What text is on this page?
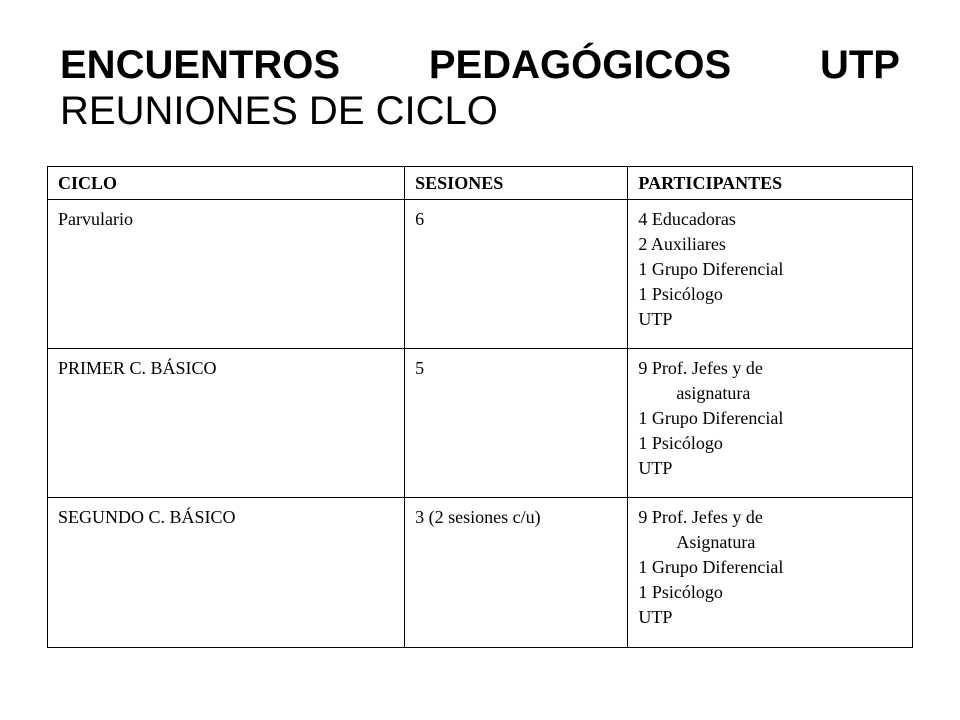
ENCUENTROS PEDAGÓGICOS UTP
REUNIONES DE CICLO
CICLO	SESIONES	PARTICIPANTES
Parvulario	6	4 Educadoras
2 Auxiliares
1 Grupo Diferencial
1 Psicólogo
UTP

PRIMER C. BÁSICO	5	9 Prof. Jefes y de
asignatura
1 Grupo Diferencial
1 Psicólogo
UTP

SEGUNDO C. BÁSICO	3 (2 sesiones c/u)	9 Prof. Jefes y de
Asignatura
1 Grupo Diferencial
1 Psicólogo
UTP
